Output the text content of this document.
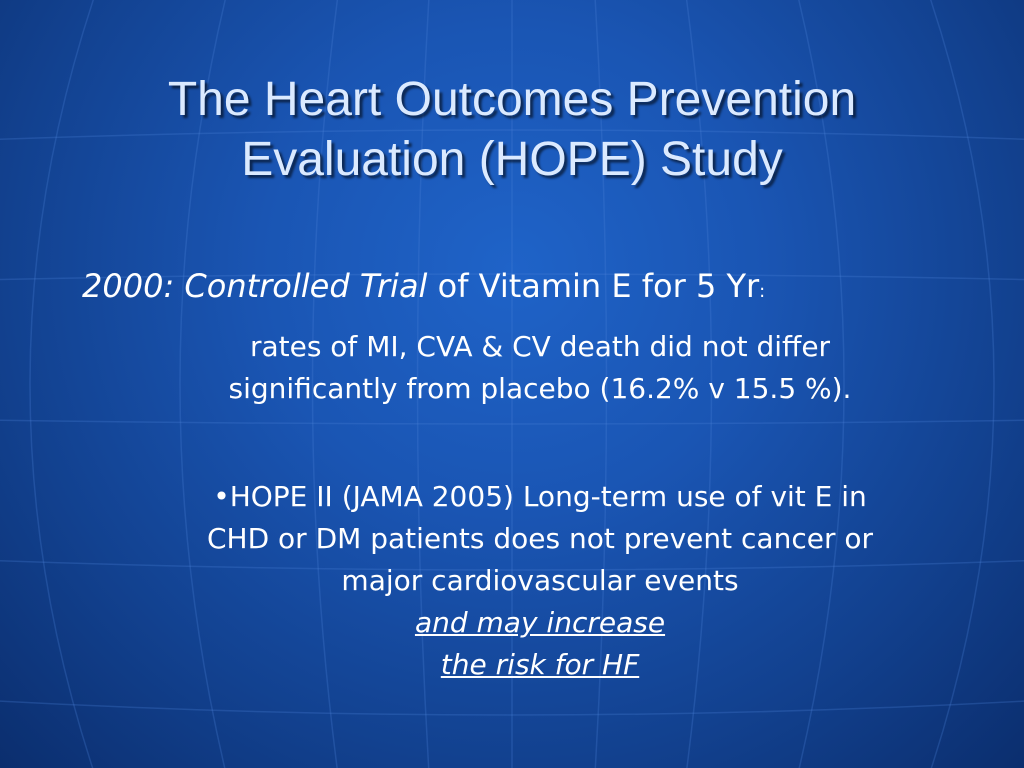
The Heart Outcomes Prevention
Evaluation (HOPE) Study
2000: Controlled Trial of Vitamin E for 5 Yr:
rates of MI, CVA & CV death did not differ
significantly from placebo (16.2% v 15.5 %).
•HOPE II (JAMA 2005) Long-term use of vit E in
CHD or DM patients does not prevent cancer or
major cardiovascular events
and may increase
the risk for HF
